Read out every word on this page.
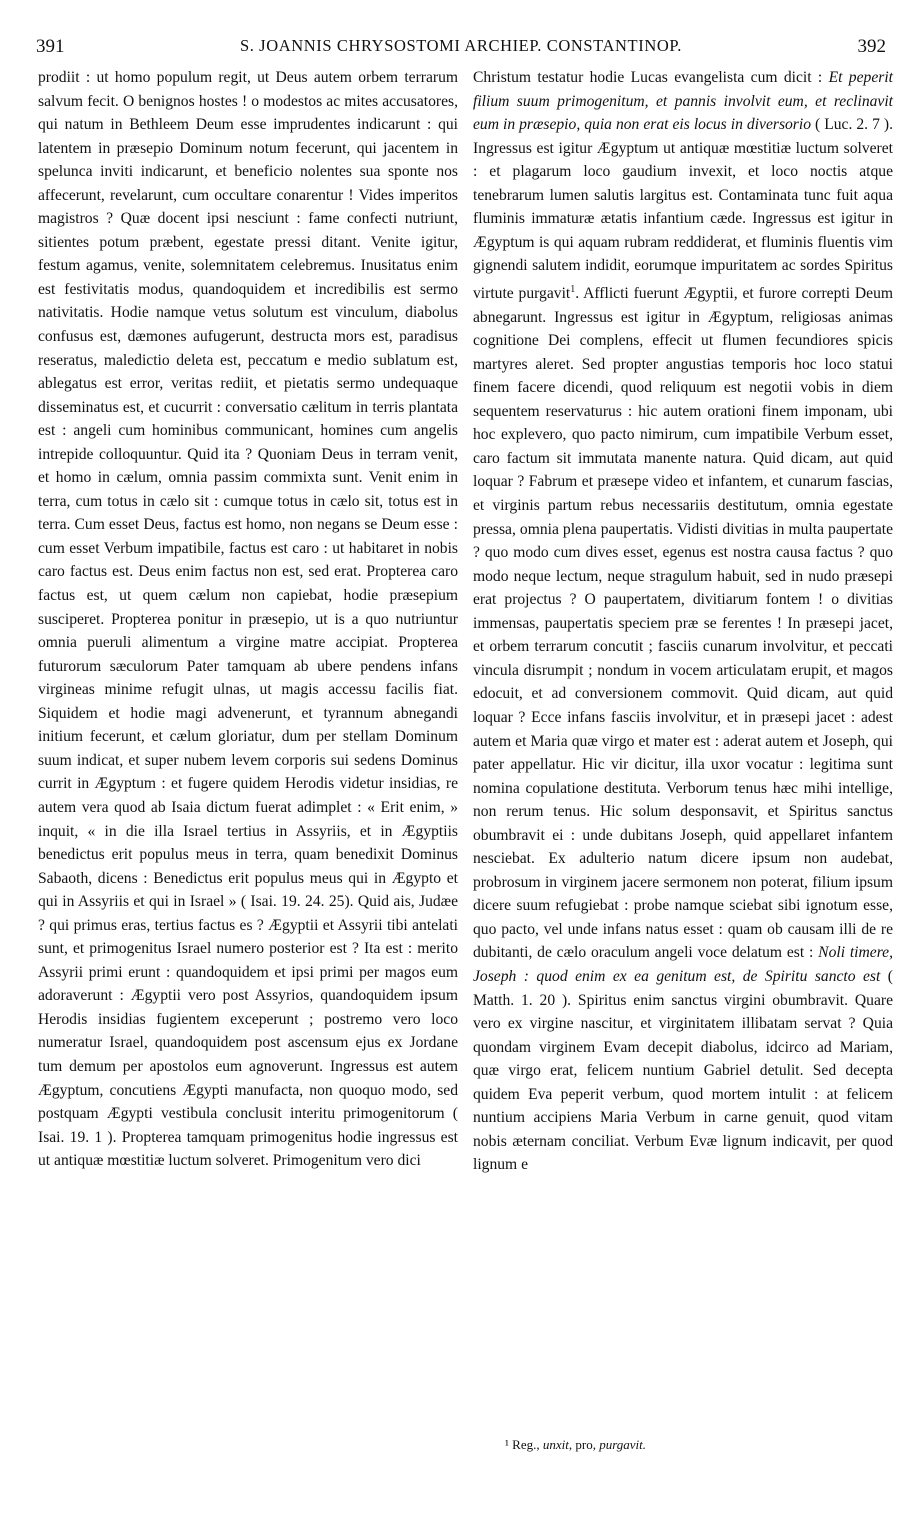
391	S. JOANNIS CHRYSOSTOMI ARCHIEP. CONSTANTINOP.	392

prodiit : ut homo populum regit, ut Deus autem orbem terrarum salvum fecit. O benignos hostes ! o modestos ac mites accusatores, qui natum in Bethleem Deum esse imprudentes indicarunt : qui latentem in præsepio Dominum notum fecerunt, qui jacentem in spelunca inviti indicarunt, et beneficio nolentes sua sponte nos affecerunt, revelarunt, cum occultare conarentur ! Vides imperitos magistros ? Quæ docent ipsi nesciunt : fame confecti nutriunt, sitientes potum præbent, egestate pressi ditant. Venite igitur, festum agamus, venite, solemnitatem celebremus. Inusitatus enim est festivitatis modus, quandoquidem et incredibilis est sermo nativitatis. Hodie namque vetus solutum est vinculum, diabolus confusus est, dæmones aufugerunt, destructa mors est, paradisus reseratus, maledictio deleta est, peccatum e medio sublatum est, ablegatus est error, veritas rediit, et pietatis sermo undequaque disseminatus est, et cucurrit : conversatio cælitum in terris plantata est : angeli cum hominibus communicant, homines cum angelis intrepide colloquuntur. Quid ita ? Quoniam Deus in terram venit, et homo in cælum, omnia passim commixta sunt. Venit enim in terra, cum totus in cælo sit : cumque totus in cælo sit, totus est in terra. Cum esset Deus, factus est homo, non negans se Deum esse : cum esset Verbum impatibile, factus est caro : ut habitaret in nobis caro factus est. Deus enim factus non est, sed erat. Propterea caro factus est, ut quem cælum non capiebat, hodie præsepium susciperet. Propterea ponitur in præsepio, ut is a quo nutriuntur omnia pueruli alimentum a virgine matre accipiat. Propterea futurorum sæculorum Pater tamquam ab ubere pendens infans virgineas minime refugit ulnas, ut magis accessu facilis fiat. Siquidem et hodie magi advenerunt, et tyrannum abnegandi initium fecerunt, et cælum gloriatur, dum per stellam Dominum suum indicat, et super nubem levem corporis sui sedens Dominus currit in Ægyptum : et fugere quidem Herodis videtur insidias, re autem vera quod ab Isaia dictum fuerat adimplet : « Erit enim, » inquit, « in die illa Israel tertius in Assyriis, et in Ægyptiis benedictus erit populus meus in terra, quam benedixit Dominus Sabaoth, dicens : Benedictus erit populus meus qui in Ægypto et qui in Assyriis et qui in Israel » ( Isai. 19. 24. 25). Quid ais, Judæe ? qui primus eras, tertius factus es ? Ægyptii et Assyrii tibi antelati sunt, et primogenitus Israel numero posterior est ? Ita est : merito Assyrii primi erunt : quandoquidem et ipsi primi per magos eum adoraverunt : Ægyptii vero post Assyrios, quandoquidem ipsum Herodis insidias fugientem exceperunt ; postremo vero loco numeratur Israel, quandoquidem post ascensum ejus ex Jordane tum demum per apostolos eum agnoverunt. Ingressus est autem Ægyptum, concutiens Ægypti manufacta, non quoquo modo, sed postquam Ægypti vestibula conclusit interitu primogenitorum ( Isai. 19. 1 ). Propterea tamquam primogenitus hodie ingressus est ut antiquæ mœstitiæ luctum solveret. Primogenitum vero dici

Christum testatur hodie Lucas evangelista cum dicit : Et peperit filium suum primogenitum, et pannis involvit eum, et reclinavit eum in præsepio, quia non erat eis locus in diversorio ( Luc. 2. 7 ). Ingressus est igitur Ægyptum ut antiquæ mœstitiæ luctum solveret : et plagarum loco gaudium invexit, et loco noctis atque tenebrarum lumen salutis largitus est. Contaminata tunc fuit aqua fluminis immaturæ ætatis infantium cæde. Ingressus est igitur in Ægyptum is qui aquam rubram reddiderat, et fluminis fluentis vim gignendi salutem indidit, eorumque impuritatem ac sordes Spiritus virtute purgavit$^1$. Afflicti fuerunt Ægyptii, et furore correpti Deum abnegarunt. Ingressus est igitur in Ægyptum, religiosas animas cognitione Dei complens, effecit ut flumen fecundiores spicis martyres aleret. Sed propter angustias temporis hoc loco statui finem facere dicendi, quod reliquum est negotii vobis in diem sequentem reservaturus : hic autem orationi finem imponam, ubi hoc explevero, quo pacto nimirum, cum impatibile Verbum esset, caro factum sit immutata manente natura. Quid dicam, aut quid loquar ? Fabrum et præsepe video et infantem, et cunarum fascias, et virginis partum rebus necessariis destitutum, omnia egestate pressa, omnia plena paupertatis. Vidisti divitias in multa paupertate ? quo modo cum dives esset, egenus est nostra causa factus ? quo modo neque lectum, neque stragulum habuit, sed in nudo præsepi erat projectus ? O paupertatem, divitiarum fontem ! o divitias immensas, paupertatis speciem præ se ferentes ! In præsepi jacet, et orbem terrarum concutit ; fasciis cunarum involvitur, et peccati vincula disrumpit ; nondum in vocem articulatam erupit, et magos edocuit, et ad conversionem commovit. Quid dicam, aut quid loquar ? Ecce infans fasciis involvitur, et in præsepi jacet : adest autem et Maria quæ virgo et mater est : aderat autem et Joseph, qui pater appellatur. Hic vir dicitur, illa uxor vocatur : legitima sunt nomina copulatione destituta. Verborum tenus hæc mihi intellige, non rerum tenus. Hic solum desponsavit, et Spiritus sanctus obumbravit ei : unde dubitans Joseph, quid appellaret infantem nesciebat. Ex adulterio natum dicere ipsum non audebat, probrosum in virginem jacere sermonem non poterat, filium ipsum dicere suum refugiebat : probe namque sciebat sibi ignotum esse, quo pacto, vel unde infans natus esset : quam ob causam illi de re dubitanti, de cælo oraculum angeli voce delatum est : Noli timere, Joseph : quod enim ex ea genitum est, de Spiritu sancto est ( Matth. 1. 20 ). Spiritus enim sanctus virgini obumbravit. Quare vero ex virgine nascitur, et virginitatem illibatam servat ? Quia quondam virginem Evam decepit diabolus, idcirco ad Mariam, quæ virgo erat, felicem nuntium Gabriel detulit. Sed decepta quidem Eva peperit verbum, quod mortem intulit : at felicem nuntium accipiens Maria Verbum in carne genuit, quod vitam nobis æternam conciliat. Verbum Evæ lignum indicavit, per quod lignum e

¹ Reg., unxit, pro, purgavit.
